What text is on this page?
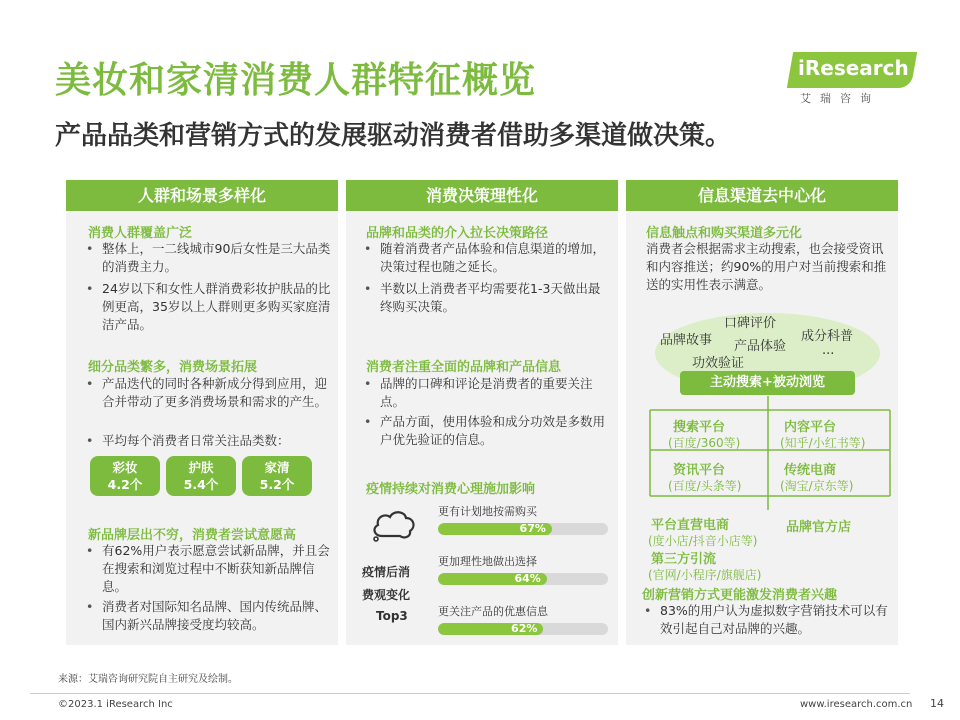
美妆和家清消费人群特征概览
产品品类和营销方式的发展驱动消费者借助多渠道做决策。
iResearch
艾瑞咨询
人群和场景多样化
消费人群覆盖广泛
• 整体上，一二线城市90后女性是三大品类的消费主力。
• 24岁以下和女性人群消费彩妆护肤品的比例更高，35岁以上人群则更多购买家庭清洁产品。
细分品类繁多，消费场景拓展
• 产品迭代的同时各种新成分得到应用，迎合并带动了更多消费场景和需求的产生。
• 平均每个消费者日常关注品类数：
彩妆
4.2个
护肤
5.4个
家清
5.2个
新品牌层出不穷，消费者尝试意愿高
• 有62%用户表示愿意尝试新品牌，并且会在搜索和浏览过程中不断获知新品牌信息。
• 消费者对国际知名品牌、国内传统品牌、国内新兴品牌接受度均较高。
消费决策理性化
品牌和品类的介入拉长决策路径
• 随着消费者产品体验和信息渠道的增加，决策过程也随之延长。
• 半数以上消费者平均需要花1-3天做出最终购买决策。
消费者注重全面的品牌和产品信息
• 品牌的口碑和评论是消费者的重要关注点。
• 产品方面，使用体验和成分功效是多数用户优先验证的信息。
疫情持续对消费心理施加影响
疫情后消
费观变化
Top3
更有计划地按需购买
67%
更加理性地做出选择
64%
更关注产品的优惠信息
62%
信息渠道去中心化
信息触点和购买渠道多元化
消费者会根据需求主动搜索，也会接受资讯和内容推送；约90%的用户对当前搜索和推送的实用性表示满意。
创新营销方式更能激发消费者兴趣
• 83%的用户认为虚拟数字营销技术可以有效引起自己对品牌的兴趣。
口碑评价
品牌故事 产品体验
成分科普
功效验证
...
主动搜索+被动浏览
搜索平台
(百度/360等)
内容平台
(知乎/小红书等)
资讯平台
(百度/头条等)
传统电商
(淘宝/京东等)
平台直营电商
(度小店/抖音小店等)
品牌官方店
第三方引流
(官网/小程序/旗舰店)
来源：艾瑞咨询研究院自主研究及绘制。
©2023.1 iResearch Inc	www.iresearch.com.cn 14
